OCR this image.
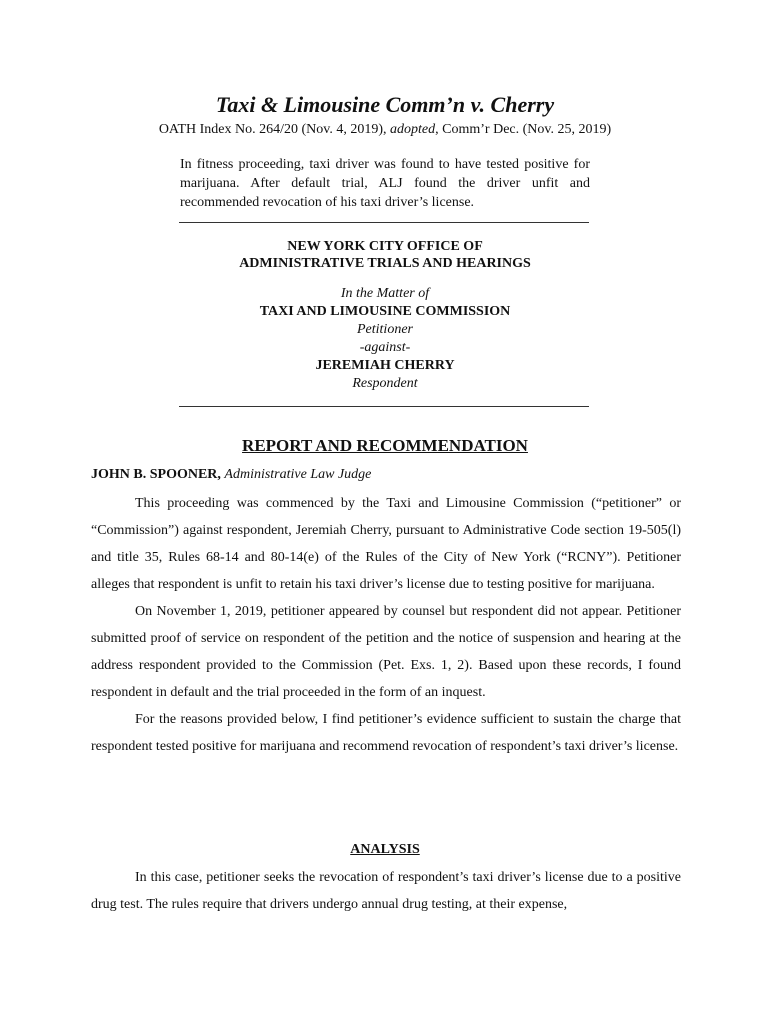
Taxi & Limousine Comm’n v. Cherry
OATH Index No. 264/20 (Nov. 4, 2019), adopted, Comm’r Dec. (Nov. 25, 2019)
In fitness proceeding, taxi driver was found to have tested positive for marijuana. After default trial, ALJ found the driver unfit and recommended revocation of his taxi driver’s license.
NEW YORK CITY OFFICE OF
ADMINISTRATIVE TRIALS AND HEARINGS
In the Matter of
TAXI AND LIMOUSINE COMMISSION
Petitioner
-against-
JEREMIAH CHERRY
Respondent
REPORT AND RECOMMENDATION
JOHN B. SPOONER, Administrative Law Judge

This proceeding was commenced by the Taxi and Limousine Commission (“petitioner” or “Commission”) against respondent, Jeremiah Cherry, pursuant to Administrative Code section 19-505(l) and title 35, Rules 68-14 and 80-14(e) of the Rules of the City of New York (“RCNY”). Petitioner alleges that respondent is unfit to retain his taxi driver’s license due to testing positive for marijuana.

On November 1, 2019, petitioner appeared by counsel but respondent did not appear. Petitioner submitted proof of service on respondent of the petition and the notice of suspension and hearing at the address respondent provided to the Commission (Pet. Exs. 1, 2). Based upon these records, I found respondent in default and the trial proceeded in the form of an inquest.

For the reasons provided below, I find petitioner’s evidence sufficient to sustain the charge that respondent tested positive for marijuana and recommend revocation of respondent’s taxi driver’s license.

ANALYSIS

In this case, petitioner seeks the revocation of respondent’s taxi driver’s license due to a positive drug test. The rules require that drivers undergo annual drug testing, at their expense,
